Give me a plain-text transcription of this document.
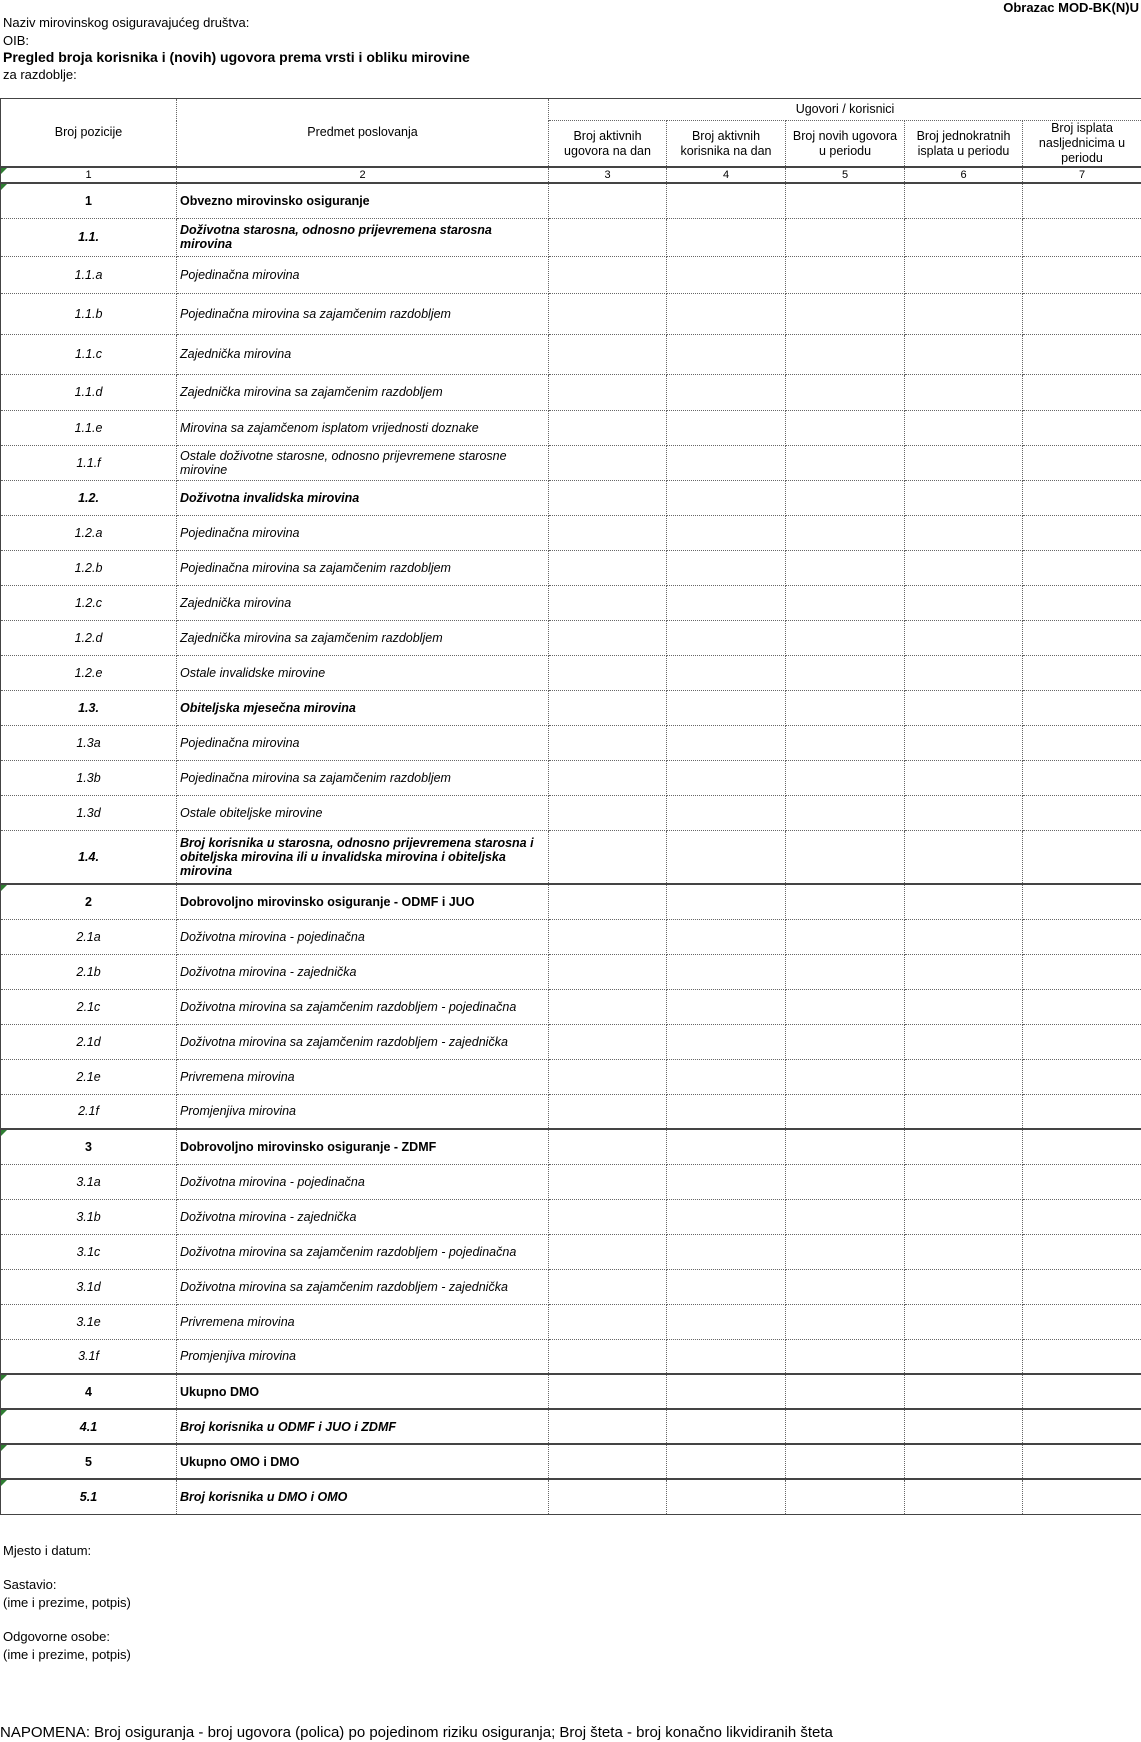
Obrazac MOD-BK(N)U
Naziv mirovinskog osiguravajućeg društva:
OIB:
Pregled broja korisnika i (novih) ugovora prema vrsti i obliku mirovine
za razdoblje:
Broj pozicije	Predmet poslovanja	Ugovori / korisnici				
		Broj aktivnih ugovora na dan	Broj aktivnih korisnika na dan	Broj novih ugovora u periodu	Broj jednokratnih isplata u periodu	Broj isplata nasljednicima u periodu
1	2	3	4	5	6	7
1	Obvezno mirovinsko osiguranje					
1.1.	Doživotna starosna, odnosno prijevremena starosna mirovina					
1.1.a	Pojedinačna mirovina					
1.1.b	Pojedinačna mirovina sa zajamčenim razdobljem					
1.1.c	Zajednička mirovina					
1.1.d	Zajednička mirovina sa zajamčenim razdobljem					
1.1.e	Mirovina sa zajamčenom isplatom vrijednosti doznake					
1.1.f	Ostale doživotne starosne, odnosno prijevremene starosne mirovine					
1.2.	Doživotna invalidska mirovina					
1.2.a	Pojedinačna mirovina					
1.2.b	Pojedinačna mirovina sa zajamčenim razdobljem					
1.2.c	Zajednička mirovina					
1.2.d	Zajednička mirovina sa zajamčenim razdobljem					
1.2.e	Ostale invalidske mirovine					
1.3.	Obiteljska mjesečna mirovina					
1.3a	Pojedinačna mirovina					
1.3b	Pojedinačna mirovina sa zajamčenim razdobljem					
1.3d	Ostale obiteljske mirovine					
1.4.	Broj korisnika u starosna, odnosno prijevremena starosna i obiteljska mirovina ili u invalidska mirovina i obiteljska mirovina					
2	Dobrovoljno mirovinsko osiguranje - ODMF i JUO					
2.1a	Doživotna mirovina - pojedinačna					
2.1b	Doživotna mirovina - zajednička					
2.1c	Doživotna mirovina sa zajamčenim razdobljem - pojedinačna					
2.1d	Doživotna mirovina sa zajamčenim razdobljem - zajednička					
2.1e	Privremena mirovina					
2.1f	Promjenjiva mirovina					
3	Dobrovoljno mirovinsko osiguranje - ZDMF					
3.1a	Doživotna mirovina - pojedinačna					
3.1b	Doživotna mirovina - zajednička					
3.1c	Doživotna mirovina sa zajamčenim razdobljem - pojedinačna					
3.1d	Doživotna mirovina sa zajamčenim razdobljem - zajednička					
3.1e	Privremena mirovina					
3.1f	Promjenjiva mirovina					
4	Ukupno DMO					
4.1	Broj korisnika u ODMF i JUO i ZDMF					
5	Ukupno OMO i DMO					
5.1	Broj korisnika u DMO i OMO					
Mjesto i datum:
Sastavio:
(ime i prezime, potpis)
Odgovorne osobe:
(ime i prezime, potpis)
NAPOMENA: Broj osiguranja - broj ugovora (polica) po pojedinom riziku osiguranja; Broj šteta - broj konačno likvidiranih šteta
